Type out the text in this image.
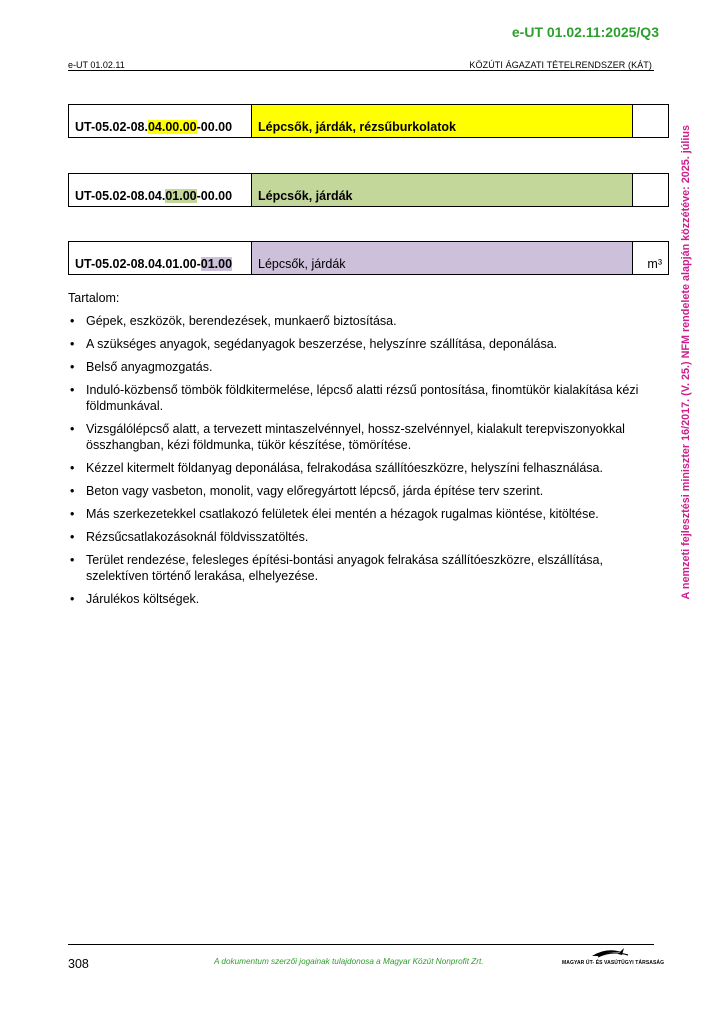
e-UT 01.02.11:2025/Q3
e-UT 01.02.11	KÖZÚTI ÁGAZATI TÉTELRENDSZER (KÁT)
A nemzeti fejlesztési miniszter 16/2017. (V. 25.) NFM rendelete alapján közzétéve: 2025. július
UT-05.02-08.04.00.00-00.00	Lépcsők, járdák, rézsűburkolatok	
UT-05.02-08.04.01.00-00.00	Lépcsők, járdák	
UT-05.02-08.04.01.00-01.00	Lépcsők, járdák	m³
Tartalom:
• Gépek, eszközök, berendezések, munkaerő biztosítása.
• A szükséges anyagok, segédanyagok beszerzése, helyszínre szállítása, deponálása.
• Belső anyagmozgatás.
• Induló-közbenső tömbök földkitermelése, lépcső alatti rézsű pontosítása, finomtükör kialakítása kézi földmunkával.
• Vizsgálólépcső alatt, a tervezett mintaszelvénnyel, hossz-szelvénnyel, kialakult terepviszonyokkal összhangban, kézi földmunka, tükör készítése, tömörítése.
• Kézzel kitermelt földanyag deponálása, felrakodása szállítóeszközre, helyszíni felhasználása.
• Beton vagy vasbeton, monolit, vagy előregyártott lépcső, járda építése terv szerint.
• Más szerkezetekkel csatlakozó felületek élei mentén a hézagok rugalmas kiöntése, kitöltése.
• Rézsűcsatlakozásoknál földvisszatöltés.
• Terület rendezése, felesleges építési-bontási anyagok felrakása szállítóeszközre, elszállítása, szelektíven történő lerakása, elhelyezése.
• Járulékos költségek.
308	A dokumentum szerzői jogainak tulajdonosa a Magyar Közút Nonprofit Zrt.	MAGYAR ÚT- ÉS VASÚTÜGYI TÁRSASÁG
